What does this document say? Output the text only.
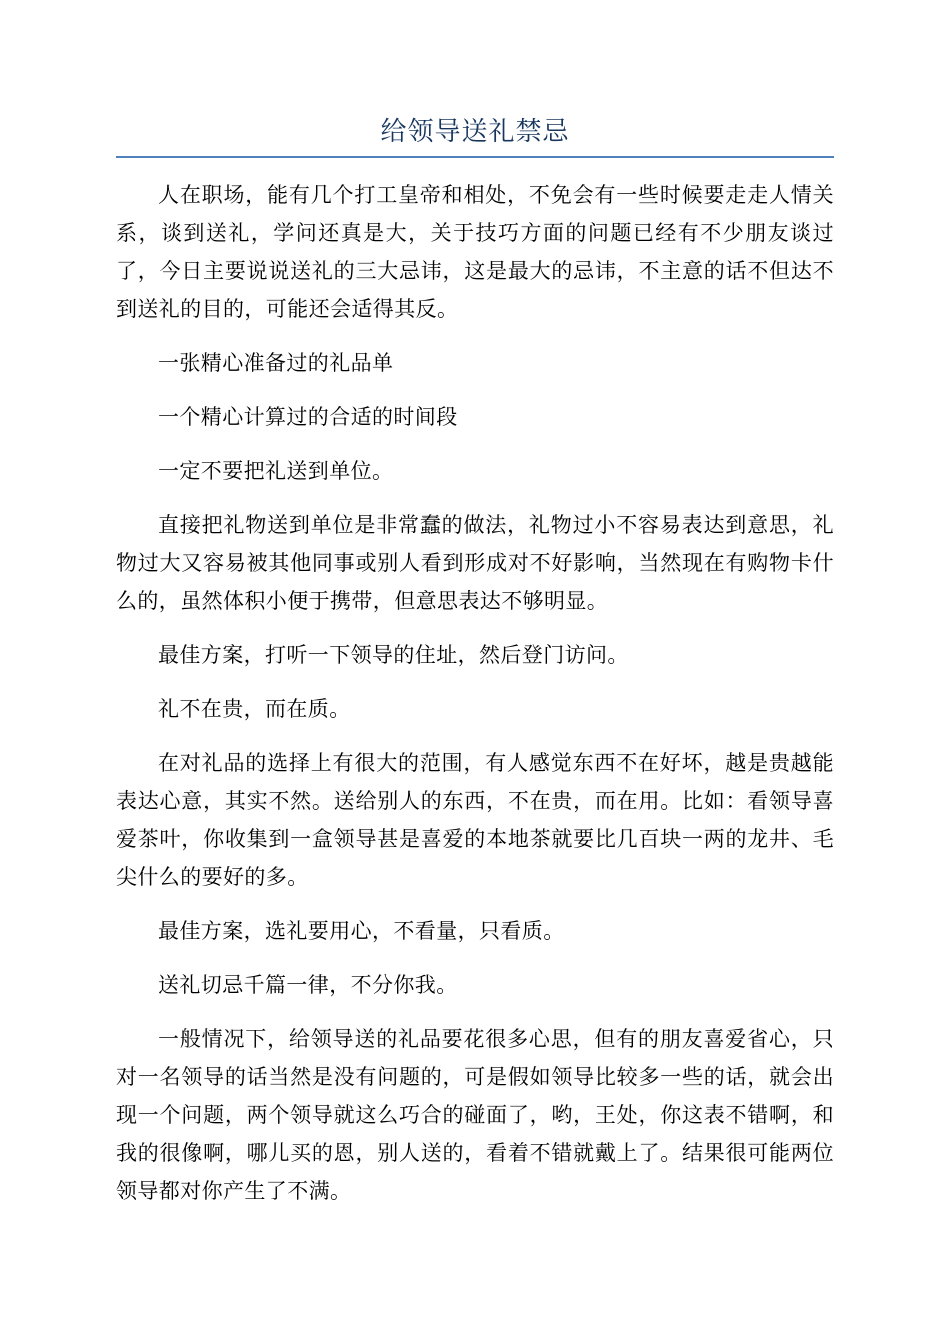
给领导送礼禁忌

人在职场，能有几个打工皇帝和相处，不免会有一些时候要走走人情关系，谈到送礼，学问还真是大，关于技巧方面的问题已经有不少朋友谈过了，今日主要说说送礼的三大忌讳，这是最大的忌讳，不主意的话不但达不到送礼的目的，可能还会适得其反。

一张精心准备过的礼品单

一个精心计算过的合适的时间段

一定不要把礼送到单位。

直接把礼物送到单位是非常蠢的做法，礼物过小不容易表达到意思，礼物过大又容易被其他同事或别人看到形成对不好影响，当然现在有购物卡什么的，虽然体积小便于携带，但意思表达不够明显。

最佳方案，打听一下领导的住址，然后登门访问。

礼不在贵，而在质。

在对礼品的选择上有很大的范围，有人感觉东西不在好坏，越是贵越能表达心意，其实不然。送给别人的东西，不在贵，而在用。比如：看领导喜爱茶叶，你收集到一盒领导甚是喜爱的本地茶就要比几百块一两的龙井、毛尖什么的要好的多。

最佳方案，选礼要用心，不看量，只看质。

送礼切忌千篇一律，不分你我。

一般情况下，给领导送的礼品要花很多心思，但有的朋友喜爱省心，只对一名领导的话当然是没有问题的，可是假如领导比较多一些的话，就会出现一个问题，两个领导就这么巧合的碰面了，哟，王处，你这表不错啊，和我的很像啊，哪儿买的恩，别人送的，看着不错就戴上了。结果很可能两位领导都对你产生了不满。
